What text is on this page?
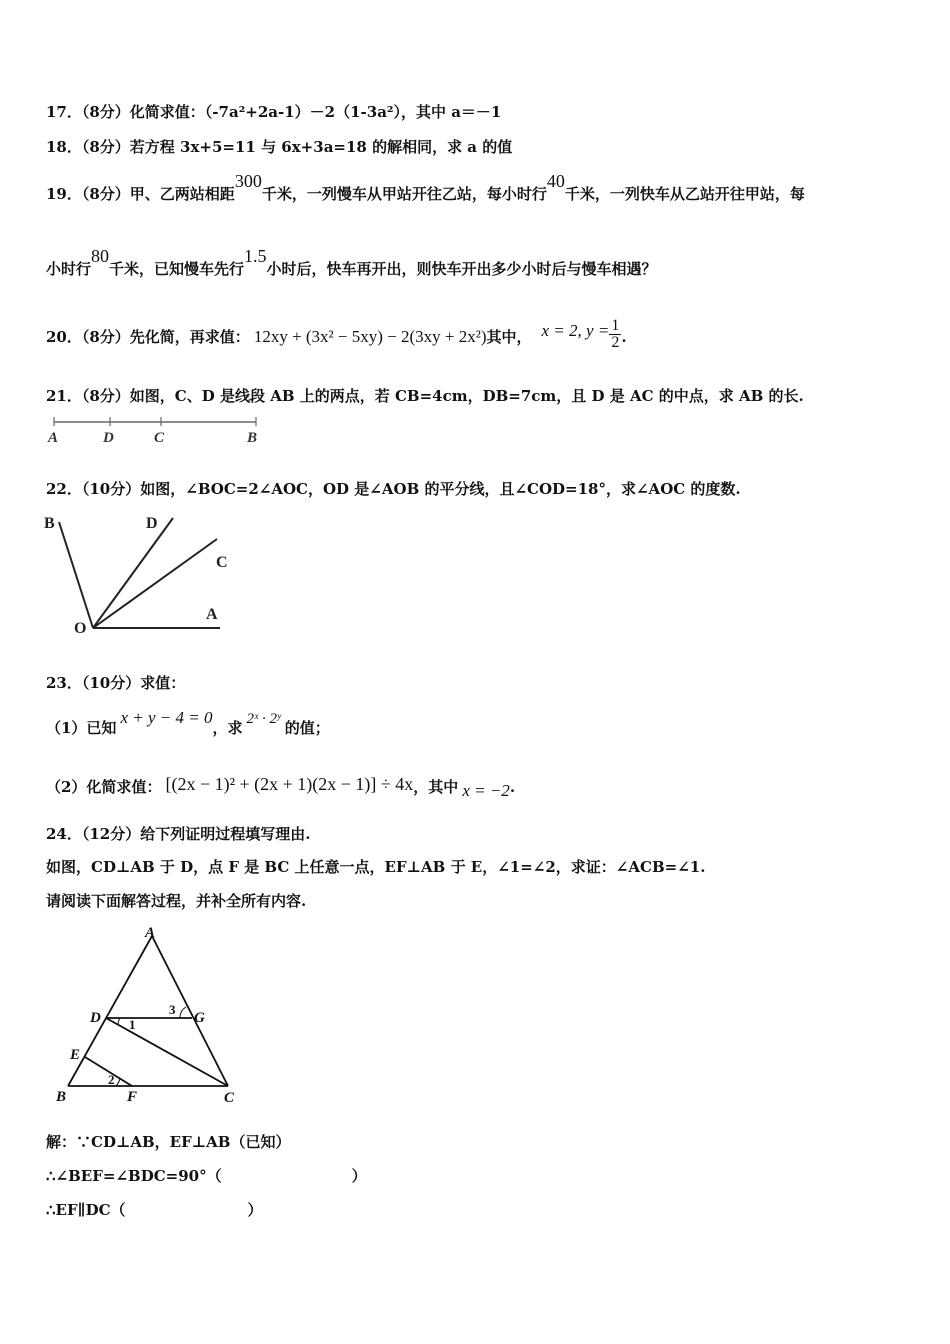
17．（8分）化简求值：（-7a²+2a-1）－2（1-3a²），其中 a＝－1
18．（8分）若方程 3x+5=11 与 6x+3a=18 的解相同，求 a 的值
19．（8分）甲、乙两站相距300千米，一列慢车从甲站开往乙站，每小时行40千米，一列快车从乙站开往甲站，每
小时行80千米，已知慢车先行1.5小时后，快车再开出，则快车开出多少小时后与慢车相遇？
20．（8分）先化简，再求值： 12xy + (3x² − 5xy) − 2(3xy + 2x²)其中， x = 2, $y = \frac{1}{2}$ .
21．（8分）如图，C、D 是线段 AB 上的两点，若 CB=4cm，DB=7cm，且 D 是 AC 的中点，求 AB 的长.
A	D	C	B
22．（10分）如图，∠BOC=2∠AOC，OD 是∠AOB 的平分线，且∠COD=18°，求∠AOC 的度数.
B	D
C
A
O
23．（10分）求值：
（1）已知x + y − 4 = 0，求 2ˣ · 2ʸ 的值；
（2）化简求值： [(2x − 1)² + (2x + 1)(2x − 1)] ÷ 4x，其中 x = −2.
24．（12分）给下列证明过程填写理由.
如图，CD⊥AB 于 D，点 F 是 BC 上任意一点，EF⊥AB 于 E，∠1=∠2，求证：∠ACB=∠1.
请阅读下面解答过程，并补全所有内容.
A
D	G
E
B	F	C
1
2
3
解：∵CD⊥AB，EF⊥AB（已知）
∴∠BEF=∠BDC=90°（	）
∴EF∥DC（	）
